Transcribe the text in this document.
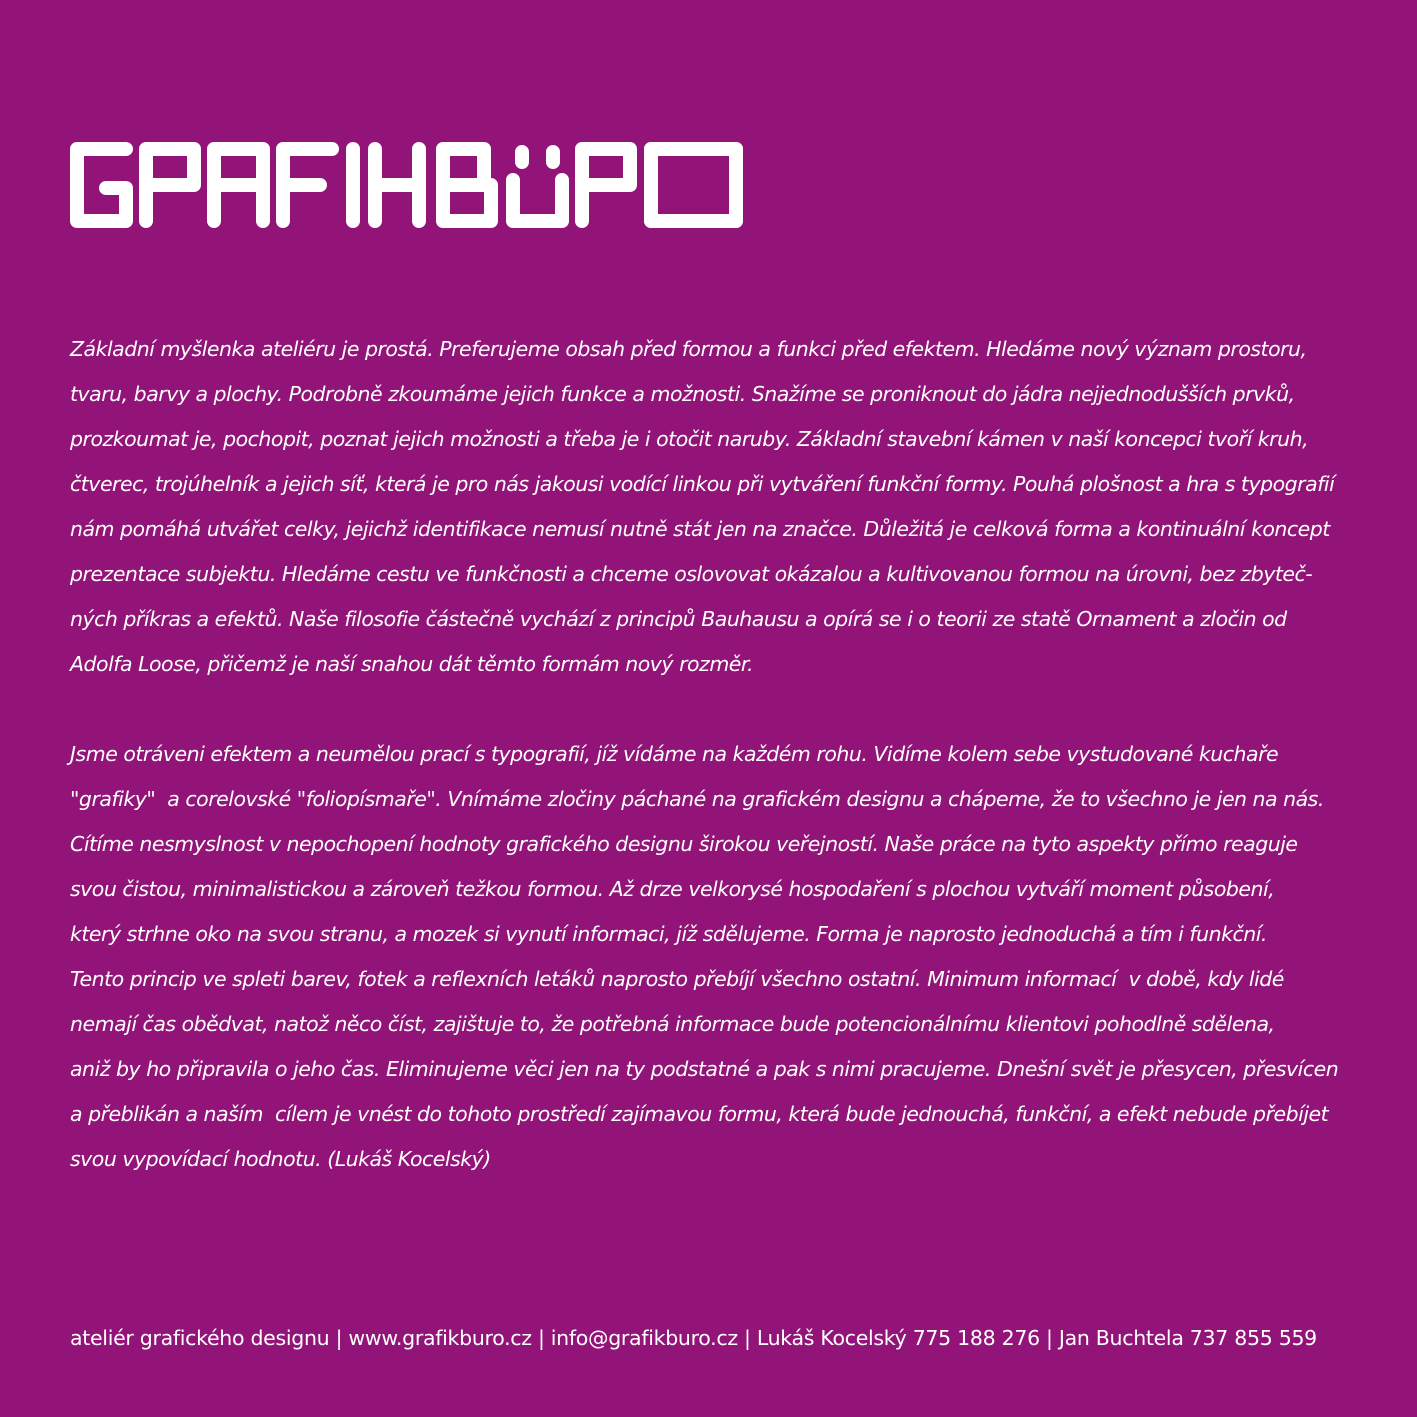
Základní myšlenka ateliéru je prostá. Preferujeme obsah před formou a funkci před efektem. Hledáme nový význam prostoru,
tvaru, barvy a plochy. Podrobně zkoumáme jejich funkce a možnosti. Snažíme se proniknout do jádra nejjednodušších prvků,
prozkoumat je, pochopit, poznat jejich možnosti a třeba je i otočit naruby. Základní stavební kámen v naší koncepci tvoří kruh,
čtverec, trojúhelník a jejich síť, která je pro nás jakousi vodící linkou při vytváření funkční formy. Pouhá plošnost a hra s typografií
nám pomáhá utvářet celky, jejichž identifikace nemusí nutně stát jen na značce. Důležitá je celková forma a kontinuální koncept
prezentace subjektu. Hledáme cestu ve funkčnosti a chceme oslovovat okázalou a kultivovanou formou na úrovni, bez zbyteč-
ných příkras a efektů. Naše filosofie částečně vychází z principů Bauhausu a opírá se i o teorii ze statě Ornament a zločin od
Adolfa Loose, přičemž je naší snahou dát těmto formám nový rozměr.
Jsme otráveni efektem a neumělou prací s typografií, jíž vídáme na každém rohu. Vidíme kolem sebe vystudované kuchaře
"grafiky"  a corelovské "foliopísmaře". Vnímáme zločiny páchané na grafickém designu a chápeme, že to všechno je jen na nás.
Cítíme nesmyslnost v nepochopení hodnoty grafického designu širokou veřejností. Naše práce na tyto aspekty přímo reaguje
svou čistou, minimalistickou a zároveň težkou formou. Až drze velkorysé hospodaření s plochou vytváří moment působení,
který strhne oko na svou stranu, a mozek si vynutí informaci, jíž sdělujeme. Forma je naprosto jednoduchá a tím i funkční.
Tento princip ve spleti barev, fotek a reflexních letáků naprosto přebíjí všechno ostatní. Minimum informací  v době, kdy lidé
nemají čas obědvat, natož něco číst, zajištuje to, že potřebná informace bude potencionálnímu klientovi pohodlně sdělena,
aniž by ho připravila o jeho čas. Eliminujeme věci jen na ty podstatné a pak s nimi pracujeme. Dnešní svět je přesycen, přesvícen
a přeblikán a naším  cílem je vnést do tohoto prostředí zajímavou formu, která bude jednouchá, funkční, a efekt nebude přebíjet
svou vypovídací hodnotu. (Lukáš Kocelský)
ateliér grafického designu | www.grafikburo.cz | info@grafikburo.cz | Lukáš Kocelský 775 188 276 | Jan Buchtela 737 855 559
